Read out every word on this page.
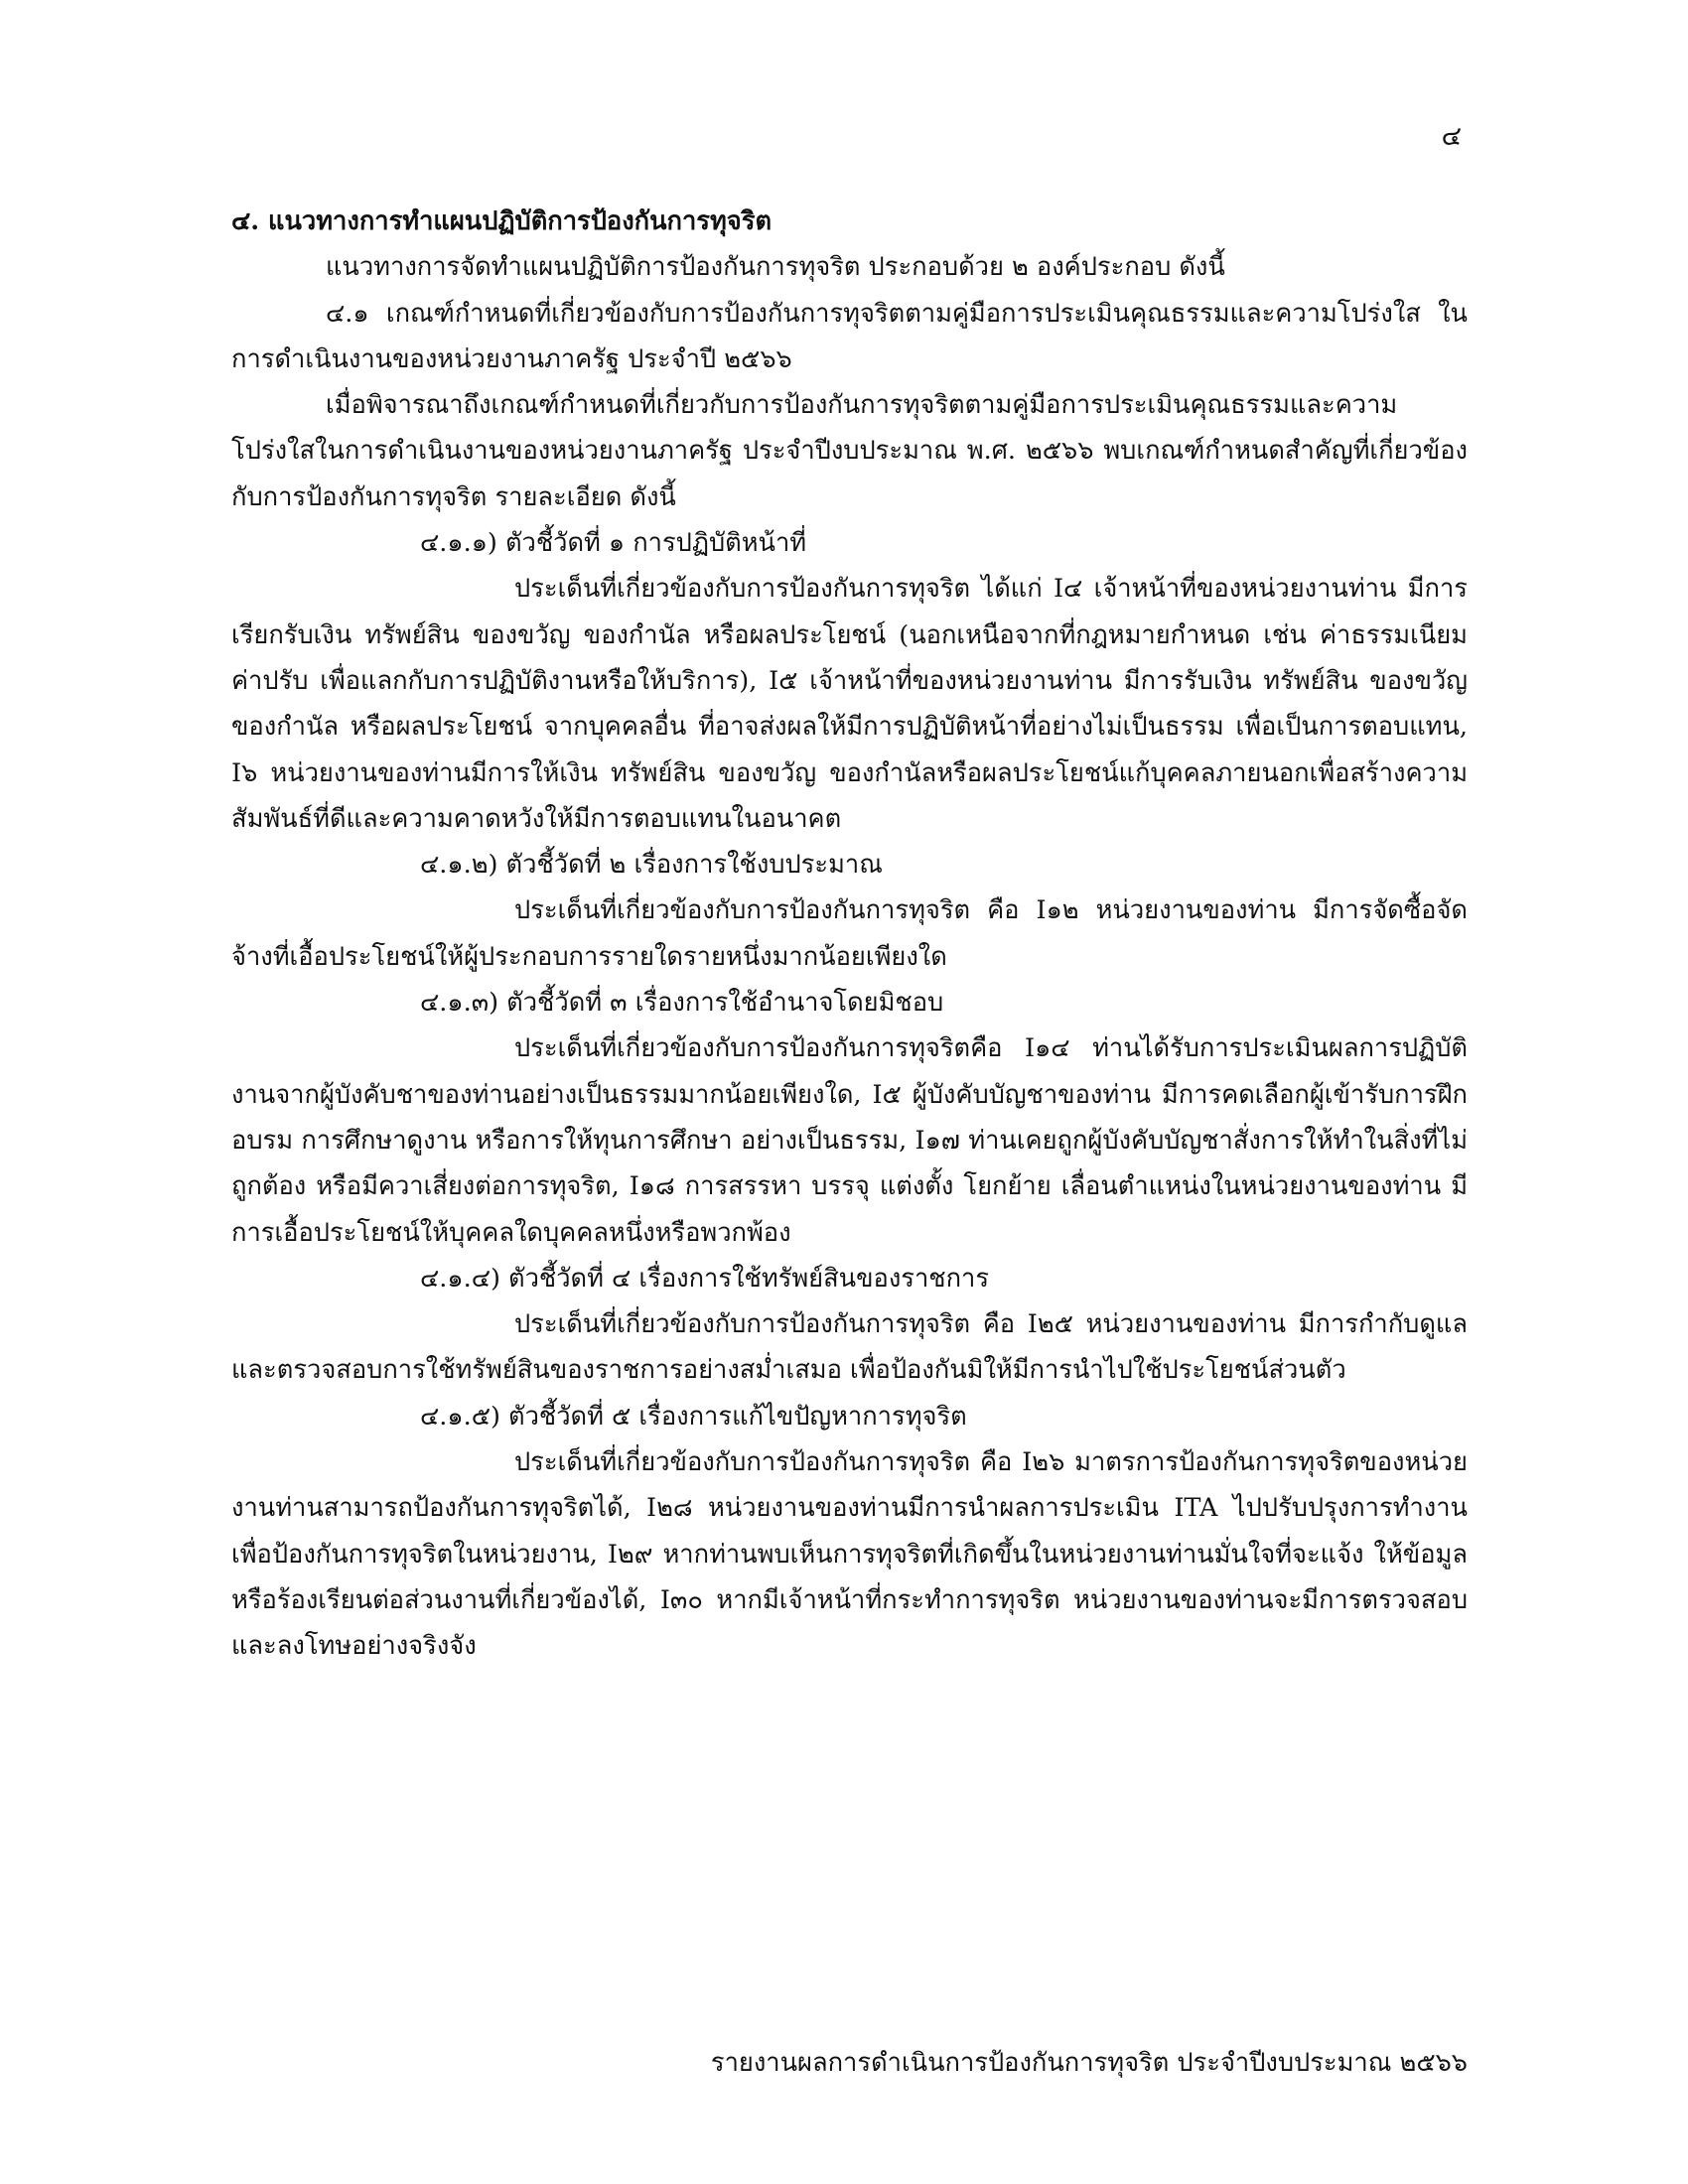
๔

๔. แนวทางการทำแผนปฏิบัติการป้องกันการทุจริต

แนวทางการจัดทำแผนปฏิบัติการป้องกันการทุจริต ประกอบด้วย ๒ องค์ประกอบ ดังนี้

๔.๑ เกณฑ์กำหนดที่เกี่ยวข้องกับการป้องกันการทุจริตตามคู่มือการประเมินคุณธรรมและความโปร่งใส ในการดำเนินงานของหน่วยงานภาครัฐ ประจำปี ๒๕๖๖

เมื่อพิจารณาถึงเกณฑ์กำหนดที่เกี่ยวกับการป้องกันการทุจริตตามคู่มือการประเมินคุณธรรมและความโปร่งใสในการดำเนินงานของหน่วยงานภาครัฐ ประจำปีงบประมาณ พ.ศ. ๒๕๖๖ พบเกณฑ์กำหนดสำคัญที่เกี่ยวข้องกับการป้องกันการทุจริต รายละเอียด ดังนี้

๔.๑.๑) ตัวชี้วัดที่ ๑ การปฏิบัติหน้าที่

ประเด็นที่เกี่ยวข้องกับการป้องกันการทุจริต ได้แก่ I๔ เจ้าหน้าที่ของหน่วยงานท่าน มีการเรียกรับเงิน ทรัพย์สิน ของขวัญ ของกำนัล หรือผลประโยชน์ (นอกเหนือจากที่กฎหมายกำหนด เช่น ค่าธรรมเนียม ค่าปรับ เพื่อแลกกับการปฏิบัติงานหรือให้บริการ), I๕ เจ้าหน้าที่ของหน่วยงานท่าน มีการรับเงิน ทรัพย์สิน ของขวัญ ของกำนัล หรือผลประโยชน์ จากบุคคลอื่น ที่อาจส่งผลให้มีการปฏิบัติหน้าที่อย่างไม่เป็นธรรม เพื่อเป็นการตอบแทน, I๖ หน่วยงานของท่านมีการให้เงิน ทรัพย์สิน ของขวัญ ของกำนัลหรือผลประโยชน์แก้บุคคลภายนอกเพื่อสร้างความสัมพันธ์ที่ดีและความคาดหวังให้มีการตอบแทนในอนาคต

๔.๑.๒) ตัวชี้วัดที่ ๒ เรื่องการใช้งบประมาณ

ประเด็นที่เกี่ยวข้องกับการป้องกันการทุจริต คือ I๑๒ หน่วยงานของท่าน มีการจัดซื้อจัดจ้างที่เอื้อประโยชน์ให้ผู้ประกอบการรายใดรายหนึ่งมากน้อยเพียงใด

๔.๑.๓) ตัวชี้วัดที่ ๓ เรื่องการใช้อำนาจโดยมิชอบ

ประเด็นที่เกี่ยวข้องกับการป้องกันการทุจริตคือ I๑๔ ท่านได้รับการประเมินผลการปฏิบัติงานจากผู้บังคับชาของท่านอย่างเป็นธรรมมากน้อยเพียงใด, I๕ ผู้บังคับบัญชาของท่าน มีการคดเลือกผู้เข้ารับการฝึกอบรม การศึกษาดูงาน หรือการให้ทุนการศึกษา อย่างเป็นธรรม, I๑๗ ท่านเคยถูกผู้บังคับบัญชาสั่งการให้ทำในสิ่งที่ไม่ถูกต้อง หรือมีควาเสี่ยงต่อการทุจริต, I๑๘ การสรรหา บรรจุ แต่งตั้ง โยกย้าย เลื่อนตำแหน่งในหน่วยงานของท่าน มีการเอื้อประโยชน์ให้บุคคลใดบุคคลหนึ่งหรือพวกพ้อง

๔.๑.๔) ตัวชี้วัดที่ ๔ เรื่องการใช้ทรัพย์สินของราชการ

ประเด็นที่เกี่ยวข้องกับการป้องกันการทุจริต คือ I๒๕ หน่วยงานของท่าน มีการกำกับดูแลและตรวจสอบการใช้ทรัพย์สินของราชการอย่างสม่ำเสมอ เพื่อป้องกันมิให้มีการนำไปใช้ประโยชน์ส่วนตัว

๔.๑.๕) ตัวชี้วัดที่ ๕ เรื่องการแก้ไขปัญหาการทุจริต

ประเด็นที่เกี่ยวข้องกับการป้องกันการทุจริต คือ I๒๖ มาตรการป้องกันการทุจริตของหน่วยงานท่านสามารถป้องกันการทุจริตได้, I๒๘ หน่วยงานของท่านมีการนำผลการประเมิน ITA ไปปรับปรุงการทำงาน เพื่อป้องกันการทุจริตในหน่วยงาน, I๒๙ หากท่านพบเห็นการทุจริตที่เกิดขึ้นในหน่วยงานท่านมั่นใจที่จะแจ้ง ให้ข้อมูล หรือร้องเรียนต่อส่วนงานที่เกี่ยวข้องได้, I๓๐ หากมีเจ้าหน้าที่กระทำการทุจริต หน่วยงานของท่านจะมีการตรวจสอบและลงโทษอย่างจริงจัง

รายงานผลการดำเนินการป้องกันการทุจริต ประจำปีงบประมาณ ๒๕๖๖
